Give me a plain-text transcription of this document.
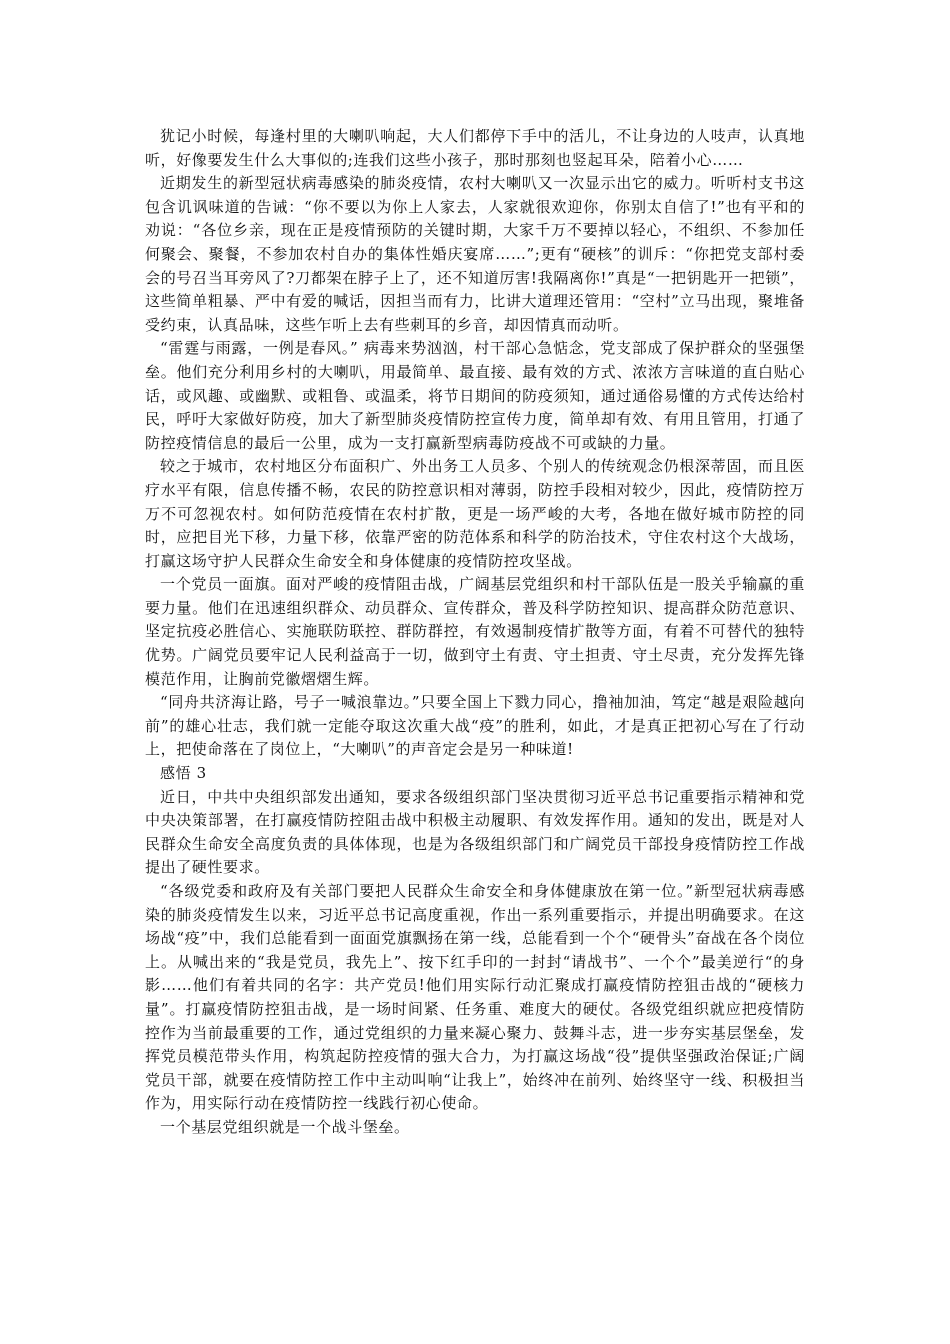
犹记小时候，每逢村里的大喇叭响起，大人们都停下手中的活儿，不让身边的人吱声，认真地听，好像要发生什么大事似的;连我们这些小孩子，那时那刻也竖起耳朵，陪着小心……

近期发生的新型冠状病毒感染的肺炎疫情，农村大喇叭又一次显示出它的威力。听听村支书这包含讥讽味道的告诫：“你不要以为你上人家去，人家就很欢迎你，你别太自信了!”也有平和的劝说：“各位乡亲，现在正是疫情预防的关键时期，大家千万不要掉以轻心，不组织、不参加任何聚会、聚餐，不参加农村自办的集体性婚庆宴席……”;更有“硬核”的训斥：“你把党支部村委会的号召当耳旁风了?刀都架在脖子上了，还不知道厉害!我隔离你!”真是“一把钥匙开一把锁”，这些简单粗暴、严中有爱的喊话，因担当而有力，比讲大道理还管用：“空村”立马出现，聚堆备受约束，认真品味，这些乍听上去有些刺耳的乡音，却因情真而动听。

“雷霆与雨露，一例是春风。” 病毒来势汹汹，村干部心急惦念，党支部成了保护群众的坚强堡垒。他们充分利用乡村的大喇叭，用最简单、最直接、最有效的方式、浓浓方言味道的直白贴心话，或风趣、或幽默、或粗鲁、或温柔，将节日期间的防疫须知，通过通俗易懂的方式传达给村民，呼吁大家做好防疫，加大了新型肺炎疫情防控宣传力度，简单却有效、有用且管用，打通了防控疫情信息的最后一公里，成为一支打赢新型病毒防疫战不可或缺的力量。

较之于城市，农村地区分布面积广、外出务工人员多、个别人的传统观念仍根深蒂固，而且医疗水平有限，信息传播不畅，农民的防控意识相对薄弱，防控手段相对较少，因此，疫情防控万万不可忽视农村。如何防范疫情在农村扩散，更是一场严峻的大考，各地在做好城市防控的同时，应把目光下移，力量下移，依靠严密的防范体系和科学的防治技术，守住农村这个大战场，打赢这场守护人民群众生命安全和身体健康的疫情防控攻坚战。

一个党员一面旗。面对严峻的疫情阻击战，广阔基层党组织和村干部队伍是一股关乎输赢的重要力量。他们在迅速组织群众、动员群众、宣传群众，普及科学防控知识、提高群众防范意识、坚定抗疫必胜信心、实施联防联控、群防群控，有效遏制疫情扩散等方面，有着不可替代的独特优势。广阔党员要牢记人民利益高于一切，做到守土有责、守土担责、守土尽责，充分发挥先锋模范作用，让胸前党徽熠熠生辉。

“同舟共济海让路，号子一喊浪靠边。”只要全国上下戮力同心，撸袖加油，笃定“越是艰险越向前”的雄心壮志，我们就一定能夺取这次重大战“疫”的胜利，如此，才是真正把初心写在了行动上，把使命落在了岗位上，“大喇叭”的声音定会是另一种味道!

感悟 3

近日，中共中央组织部发出通知，要求各级组织部门坚决贯彻习近平总书记重要指示精神和党中央决策部署，在打赢疫情防控阻击战中积极主动履职、有效发挥作用。通知的发出，既是对人民群众生命安全高度负责的具体体现，也是为各级组织部门和广阔党员干部投身疫情防控工作战提出了硬性要求。

“各级党委和政府及有关部门要把人民群众生命安全和身体健康放在第一位。”新型冠状病毒感染的肺炎疫情发生以来，习近平总书记高度重视，作出一系列重要指示，并提出明确要求。在这场战“疫”中，我们总能看到一面面党旗飘扬在第一线，总能看到一个个“硬骨头”奋战在各个岗位上。从喊出来的“我是党员，我先上”、按下红手印的一封封“请战书”、一个个”最美逆行“的身影……他们有着共同的名字：共产党员!他们用实际行动汇聚成打赢疫情防控狙击战的“硬核力量”。打赢疫情防控狙击战，是一场时间紧、任务重、难度大的硬仗。各级党组织就应把疫情防控作为当前最重要的工作，通过党组织的力量来凝心聚力、鼓舞斗志，进一步夯实基层堡垒，发挥党员模范带头作用，构筑起防控疫情的强大合力，为打赢这场战“役”提供坚强政治保证;广阔党员干部，就要在疫情防控工作中主动叫响“让我上”，始终冲在前列、始终坚守一线、积极担当作为，用实际行动在疫情防控一线践行初心使命。

一个基层党组织就是一个战斗堡垒。
